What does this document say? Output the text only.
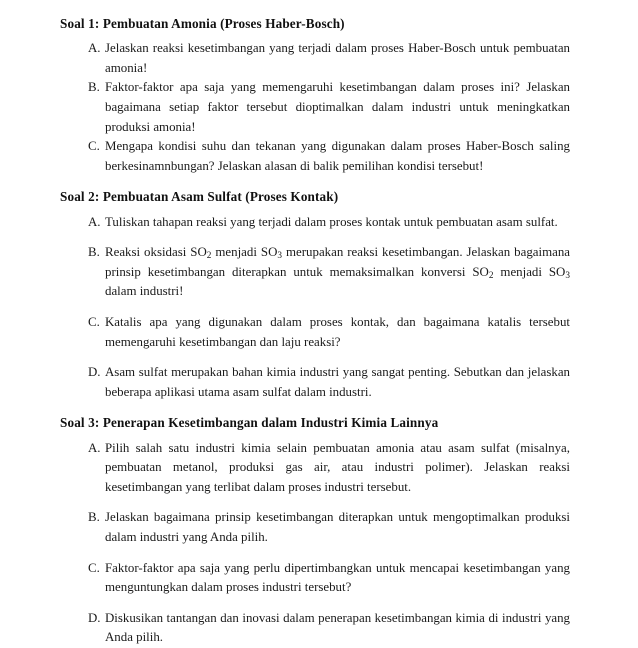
Soal 1: Pembuatan Amonia (Proses Haber-Bosch)
A. Jelaskan reaksi kesetimbangan yang terjadi dalam proses Haber-Bosch untuk pembuatan amonia!
B. Faktor-faktor apa saja yang memengaruhi kesetimbangan dalam proses ini? Jelaskan bagaimana setiap faktor tersebut dioptimalkan dalam industri untuk meningkatkan produksi amonia!
C. Mengapa kondisi suhu dan tekanan yang digunakan dalam proses Haber-Bosch saling berkesinamnbungan? Jelaskan alasan di balik pemilihan kondisi tersebut!
Soal 2: Pembuatan Asam Sulfat (Proses Kontak)
A. Tuliskan tahapan reaksi yang terjadi dalam proses kontak untuk pembuatan asam sulfat.
B. Reaksi oksidasi $SO_2$ menjadi $SO_3$ merupakan reaksi kesetimbangan. Jelaskan bagaimana prinsip kesetimbangan diterapkan untuk memaksimalkan konversi $SO_2$ menjadi $SO_3$ dalam industri!
C. Katalis apa yang digunakan dalam proses kontak, dan bagaimana katalis tersebut memengaruhi kesetimbangan dan laju reaksi?
D. Asam sulfat merupakan bahan kimia industri yang sangat penting. Sebutkan dan jelaskan beberapa aplikasi utama asam sulfat dalam industri.
Soal 3: Penerapan Kesetimbangan dalam Industri Kimia Lainnya
A. Pilih salah satu industri kimia selain pembuatan amonia atau asam sulfat (misalnya, pembuatan metanol, produksi gas air, atau industri polimer). Jelaskan reaksi kesetimbangan yang terlibat dalam proses industri tersebut.
B. Jelaskan bagaimana prinsip kesetimbangan diterapkan untuk mengoptimalkan produksi dalam industri yang Anda pilih.
C. Faktor-faktor apa saja yang perlu dipertimbangkan untuk mencapai kesetimbangan yang menguntungkan dalam proses industri tersebut?
D. Diskusikan tantangan dan inovasi dalam penerapan kesetimbangan kimia di industri yang Anda pilih.
